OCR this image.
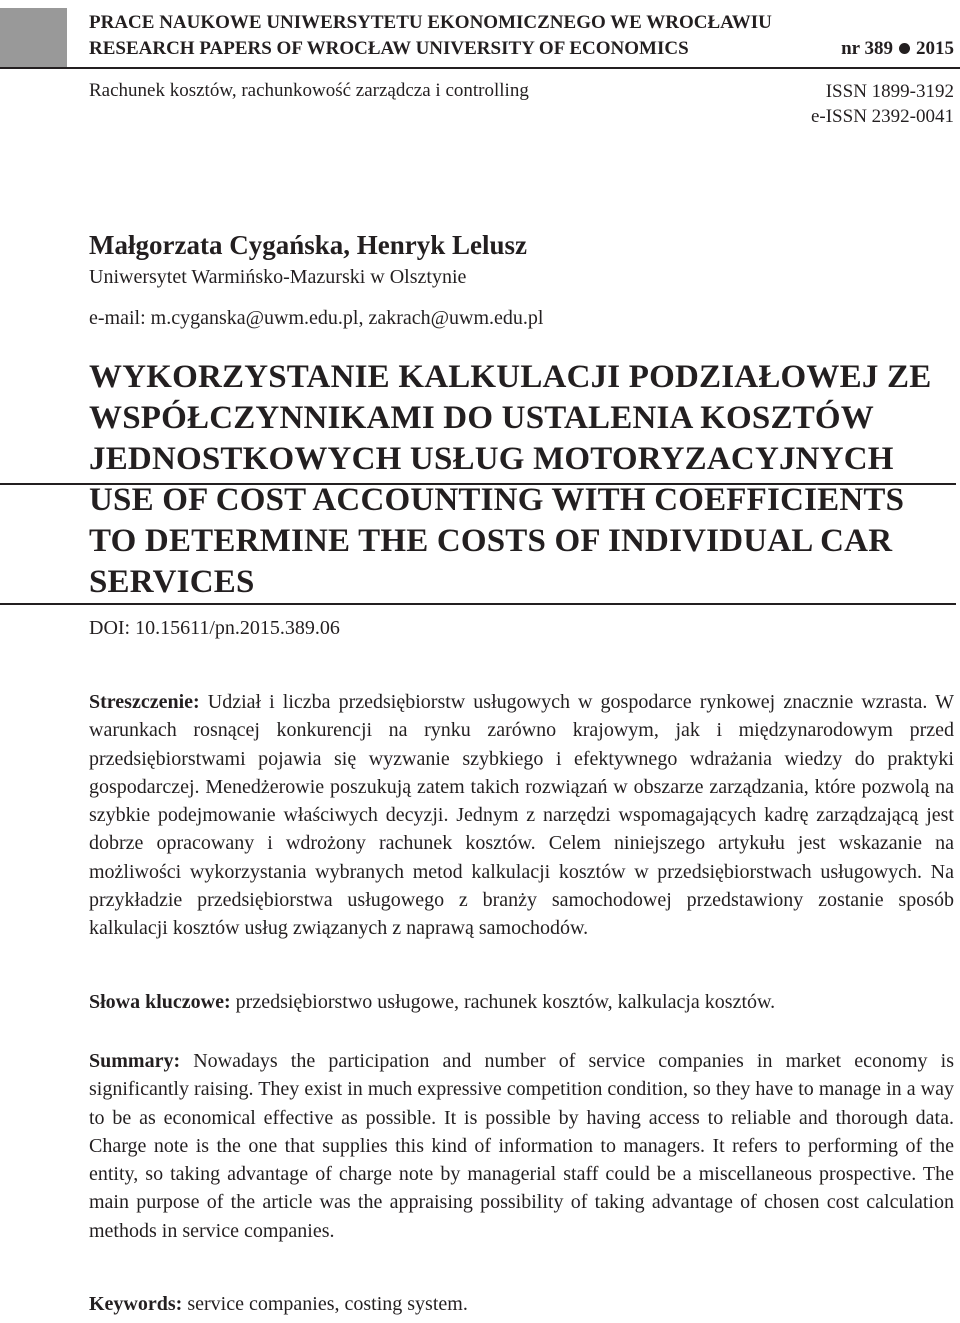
PRACE NAUKOWE UNIWERSYTETU EKONOMICZNEGO WE WROCŁAWIU
RESEARCH PAPERS OF WROCŁAW UNIVERSITY OF ECONOMICS	nr 389 2015
Rachunek kosztów, rachunkowość zarządcza i controlling	ISSN 1899-3192
e-ISSN 2392-0041
Małgorzata Cygańska, Henryk Lelusz
Uniwersytet Warmińsko-Mazurski w Olsztynie
e-mail: m.cyganska@uwm.edu.pl, zakrach@uwm.edu.pl
WYKORZYSTANIE KALKULACJI PODZIAŁOWEJ ZE WSPÓŁCZYNNIKAMI DO USTALENIA KOSZTÓW JEDNOSTKOWYCH USŁUG MOTORYZACYJNYCH
USE OF COST ACCOUNTING WITH COEFFICIENTS TO DETERMINE THE COSTS OF INDIVIDUAL CAR SERVICES
DOI: 10.15611/pn.2015.389.06
Streszczenie: Udział i liczba przedsiębiorstw usługowych w gospodarce rynkowej znacznie wzrasta. W warunkach rosnącej konkurencji na rynku zarówno krajowym, jak i międzynarodowym przed przedsiębiorstwami pojawia się wyzwanie szybkiego i efektywnego wdrażania wiedzy do praktyki gospodarczej. Menedżerowie poszukują zatem takich rozwiązań w obszarze zarządzania, które pozwolą na szybkie podejmowanie właściwych decyzji. Jednym z narzędzi wspomagających kadrę zarządzającą jest dobrze opracowany i wdrożony rachunek kosztów. Celem niniejszego artykułu jest wskazanie na możliwości wykorzystania wybranych metod kalkulacji kosztów w przedsiębiorstwach usługowych. Na przykładzie przedsiębiorstwa usługowego z branży samochodowej przedstawiony zostanie sposób kalkulacji kosztów usług związanych z naprawą samochodów.
Słowa kluczowe: przedsiębiorstwo usługowe, rachunek kosztów, kalkulacja kosztów.
Summary: Nowadays the participation and number of service companies in market economy is significantly raising. They exist in much expressive competition condition, so they have to manage in a way to be as economical effective as possible. It is possible by having access to reliable and thorough data. Charge note is the one that supplies this kind of information to managers. It refers to performing of the entity, so taking advantage of charge note by managerial staff could be a miscellaneous prospective. The main purpose of the article was the appraising possibility of taking advantage of chosen cost calculation methods in service companies.
Keywords: service companies, costing system.
